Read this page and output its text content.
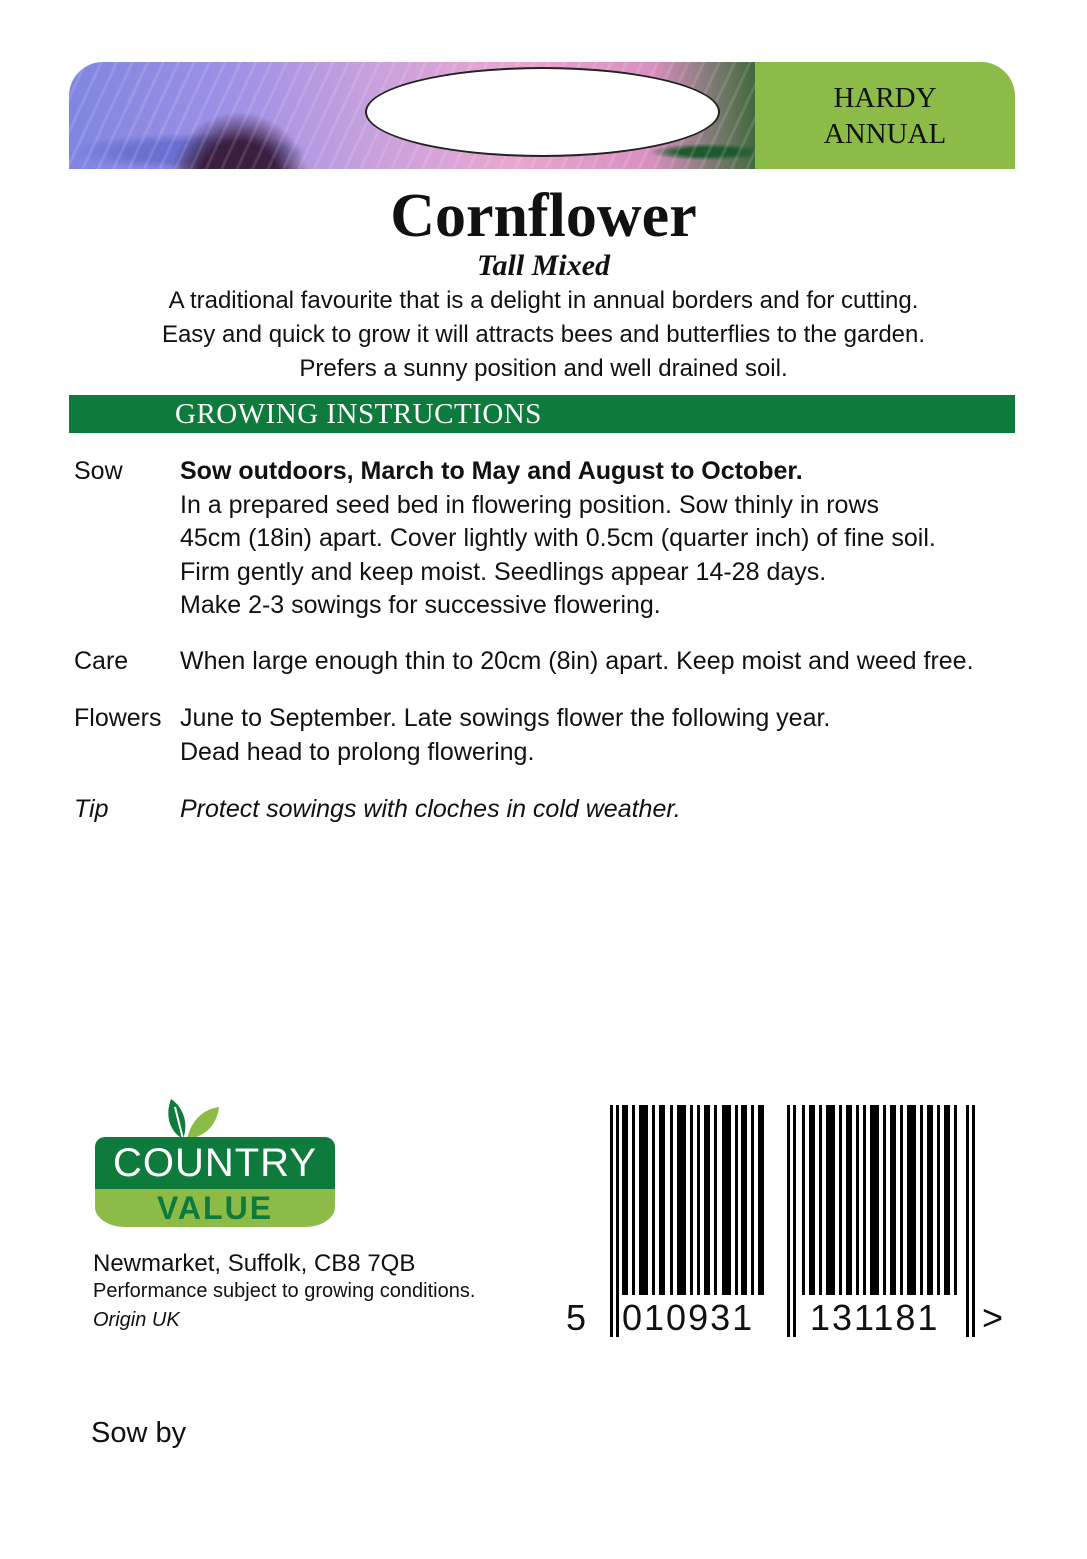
HARDY
ANNUAL
Cornflower
Tall Mixed
A traditional favourite that is a delight in annual borders and for cutting.
Easy and quick to grow it will attracts bees and butterflies to the garden.
Prefers a sunny position and well drained soil.
GROWING INSTRUCTIONS
Sow	Sow outdoors, March to May and August to October.
In a prepared seed bed in flowering position. Sow thinly in rows
45cm (18in) apart. Cover lightly with 0.5cm (quarter inch) of fine soil.
Firm gently and keep moist. Seedlings appear 14-28 days.
Make 2-3 sowings for successive flowering.
Care	When large enough thin to 20cm (8in) apart. Keep moist and weed free.
Flowers June to September. Late sowings flower the following year.
Dead head to prolong flowering.
Tip	Protect sowings with cloches in cold weather.
COUNTRY
VALUE
Newmarket, Suffolk, CB8 7QB
Performance subject to growing conditions.
Origin UK	5 010931 131181 >
Sow by
